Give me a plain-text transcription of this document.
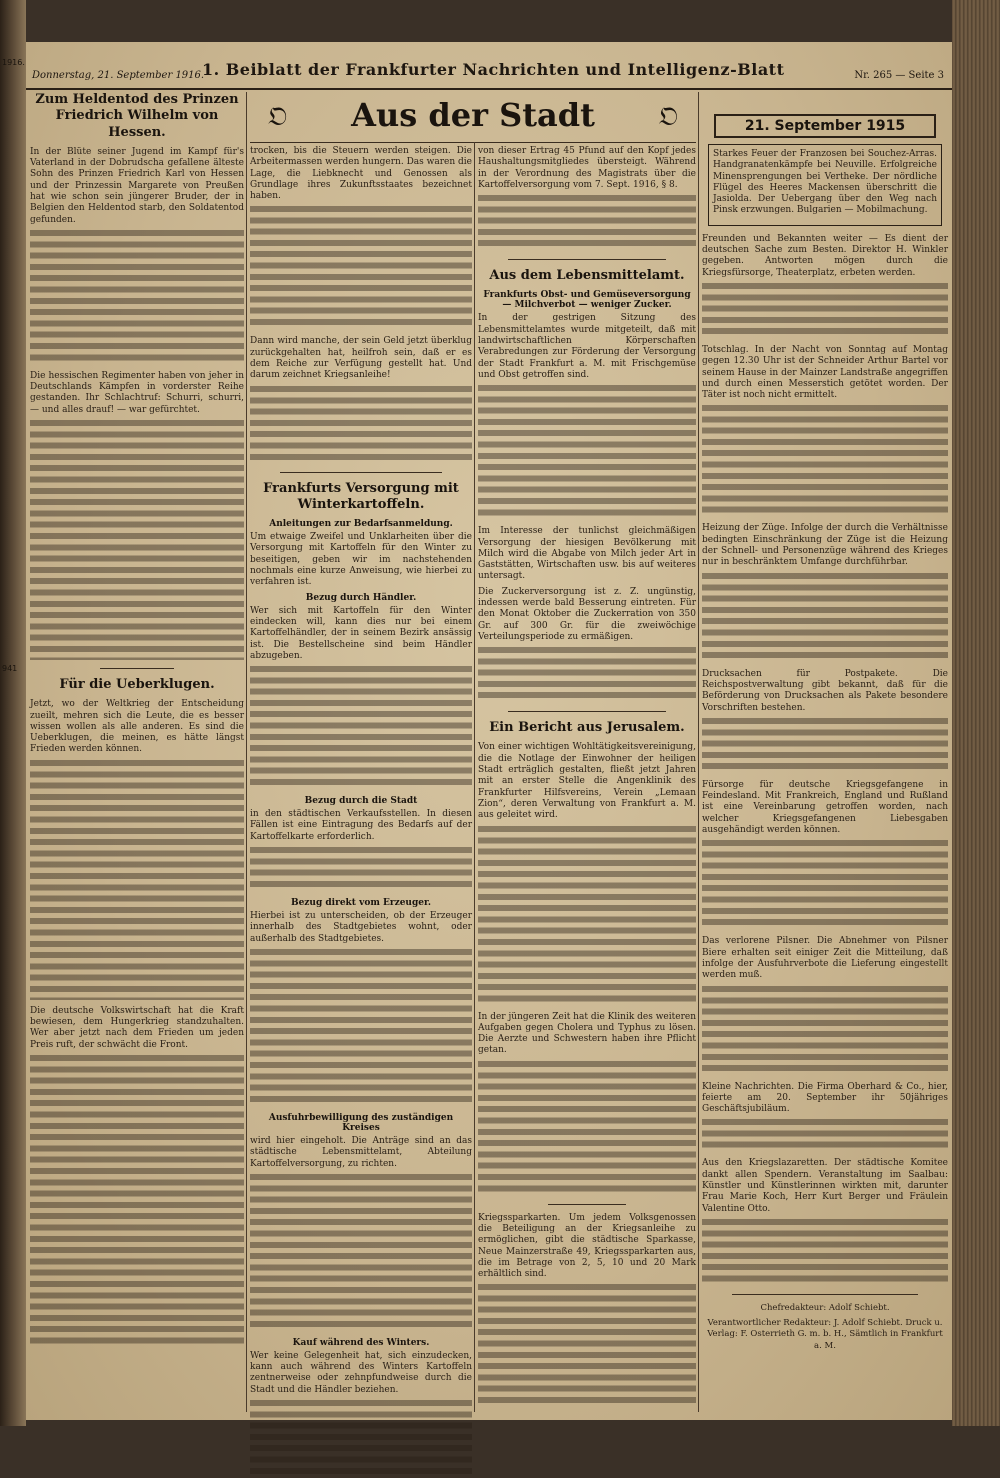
1916.
941
Donnerstag, 21. September 1916.
1. Beiblatt der Frankfurter Nachrichten und Intelligenz-Blatt	Nr. 265 — Seite 3
𝔒	Aus der Stadt	𝔒
Zum Heldentod des Prinzen Friedrich Wilhelm von Hessen.

In der Blüte seiner Jugend im Kampf für's Vaterland in der Dobrudscha gefallene älteste Sohn des Prinzen Friedrich Karl von Hessen und der Prinzessin Margarete von Preußen hat wie schon sein jüngerer Bruder, der in Belgien den Heldentod starb, den Soldatentod gefunden.

Die hessischen Regimenter haben von jeher in Deutschlands Kämpfen in vorderster Reihe gestanden. Ihr Schlachtruf: Schurri, schurri, — und alles drauf! — war gefürchtet.

Für die Ueberklugen.

Jetzt, wo der Weltkrieg der Entscheidung zueilt, mehren sich die Leute, die es besser wissen wollen als alle anderen. Es sind die Ueberklugen, die meinen, es hätte längst Frieden werden können.

Die deutsche Volkswirtschaft hat die Kraft bewiesen, dem Hungerkrieg standzuhalten. Wer aber jetzt nach dem Frieden um jeden Preis ruft, der schwächt die Front.

trocken, bis die Steuern werden steigen. Die Arbeitermassen werden hungern. Das waren die Lage, die Liebknecht und Genossen als Grundlage ihres Zukunftsstaates bezeichnet haben.

Dann wird manche, der sein Geld jetzt überklug zurückgehalten hat, heilfroh sein, daß er es dem Reiche zur Verfügung gestellt hat. Und darum zeichnet Kriegsanleihe!

Frankfurts Versorgung mit Winterkartoffeln.
Anleitungen zur Bedarfsanmeldung.

Um etwaige Zweifel und Unklarheiten über die Versorgung mit Kartoffeln für den Winter zu beseitigen, geben wir im nachstehenden nochmals eine kurze Anweisung, wie hierbei zu verfahren ist.

Bezug durch Händler.

Wer sich mit Kartoffeln für den Winter eindecken will, kann dies nur bei einem Kartoffelhändler, der in seinem Bezirk ansässig ist. Die Bestellscheine sind beim Händler abzugeben.

Bezug durch die Stadt

in den städtischen Verkaufsstellen. In diesen Fällen ist eine Eintragung des Bedarfs auf der Kartoffelkarte erforderlich.

Bezug direkt vom Erzeuger.

Hierbei ist zu unterscheiden, ob der Erzeuger innerhalb des Stadtgebietes wohnt, oder außerhalb des Stadtgebietes.

Ausfuhrbewilligung des zuständigen Kreises

wird hier eingeholt. Die Anträge sind an das städtische Lebensmittelamt, Abteilung Kartoffelversorgung, zu richten.

Kauf während des Winters.

Wer keine Gelegenheit hat, sich einzudecken, kann auch während des Winters Kartoffeln zentnerweise oder zehnpfundweise durch die Stadt und die Händler beziehen.

von dieser Ertrag 45 Pfund auf den Kopf jedes Haushaltungsmitgliedes übersteigt. Während in der Verordnung des Magistrats über die Kartoffelversorgung vom 7. Sept. 1916, § 8.

Aus dem Lebensmittelamt.
Frankfurts Obst- und Gemüseversorgung — Milchverbot — weniger Zucker.

In der gestrigen Sitzung des Lebensmittelamtes wurde mitgeteilt, daß mit landwirtschaftlichen Körperschaften Verabredungen zur Förderung der Versorgung der Stadt Frankfurt a. M. mit Frischgemüse und Obst getroffen sind.

Im Interesse der tunlichst gleichmäßigen Versorgung der hiesigen Bevölkerung mit Milch wird die Abgabe von Milch jeder Art in Gaststätten, Wirtschaften usw. bis auf weiteres untersagt.

Die Zuckerversorgung ist z. Z. ungünstig, indessen werde bald Besserung eintreten. Für den Monat Oktober die Zuckerration von 350 Gr. auf 300 Gr. für die zweiwöchige Verteilungsperiode zu ermäßigen.

Ein Bericht aus Jerusalem.

Von einer wichtigen Wohltätigkeitsvereinigung, die die Notlage der Einwohner der heiligen Stadt erträglich gestalten, fließt jetzt Jahren mit an erster Stelle die Angenklinik des Frankfurter Hilfsvereins, Verein „Lemaan Zion“, deren Verwaltung von Frankfurt a. M. aus geleitet wird.

In der jüngeren Zeit hat die Klinik des weiteren Aufgaben gegen Cholera und Typhus zu lösen. Die Aerzte und Schwestern haben ihre Pflicht getan.

Kriegssparkarten. Um jedem Volksgenossen die Beteiligung an der Kriegsanleihe zu ermöglichen, gibt die städtische Sparkasse, Neue Mainzerstraße 49, Kriegssparkarten aus, die im Betrage von 2, 5, 10 und 20 Mark erhältlich sind.

21. September 1915

Starkes Feuer der Franzosen bei Souchez-Arras. Handgranatenkämpfe bei Neuville. Erfolgreiche Minensprengungen bei Vertheke. Der nördliche Flügel des Heeres Mackensen überschritt die Jasiolda. Der Uebergang über den Weg nach Pinsk erzwungen. Bulgarien — Mobilmachung.

Freunden und Bekannten weiter — Es dient der deutschen Sache zum Besten. Direktor H. Winkler gegeben. Antworten mögen durch die Kriegsfürsorge, Theaterplatz, erbeten werden.

Totschlag. In der Nacht von Sonntag auf Montag gegen 12.30 Uhr ist der Schneider Arthur Bartel vor seinem Hause in der Mainzer Landstraße angegriffen und durch einen Messerstich getötet worden. Der Täter ist noch nicht ermittelt.

Heizung der Züge. Infolge der durch die Verhältnisse bedingten Einschränkung der Züge ist die Heizung der Schnell- und Personenzüge während des Krieges nur in beschränktem Umfange durchführbar.

Drucksachen für Postpakete. Die Reichspostverwaltung gibt bekannt, daß für die Beförderung von Drucksachen als Pakete besondere Vorschriften bestehen.

Fürsorge für deutsche Kriegsgefangene in Feindesland. Mit Frankreich, England und Rußland ist eine Vereinbarung getroffen worden, nach welcher Kriegsgefangenen Liebesgaben ausgehändigt werden können.

Das verlorene Pilsner. Die Abnehmer von Pilsner Biere erhalten seit einiger Zeit die Mitteilung, daß infolge der Ausfuhrverbote die Lieferung eingestellt werden muß.

Kleine Nachrichten. Die Firma Oberhard & Co., hier, feierte am 20. September ihr 50jähriges Geschäftsjubiläum.

Aus den Kriegslazaretten. Der städtische Komitee dankt allen Spendern. Veranstaltung im Saalbau: Künstler und Künstlerinnen wirkten mit, darunter Frau Marie Koch, Herr Kurt Berger und Fräulein Valentine Otto.

Chefredakteur: Adolf Schiebt.

Verantwortlicher Redakteur: J. Adolf Schiebt. Druck u. Verlag: F. Osterrieth G. m. b. H., Sämtlich in Frankfurt a. M.
